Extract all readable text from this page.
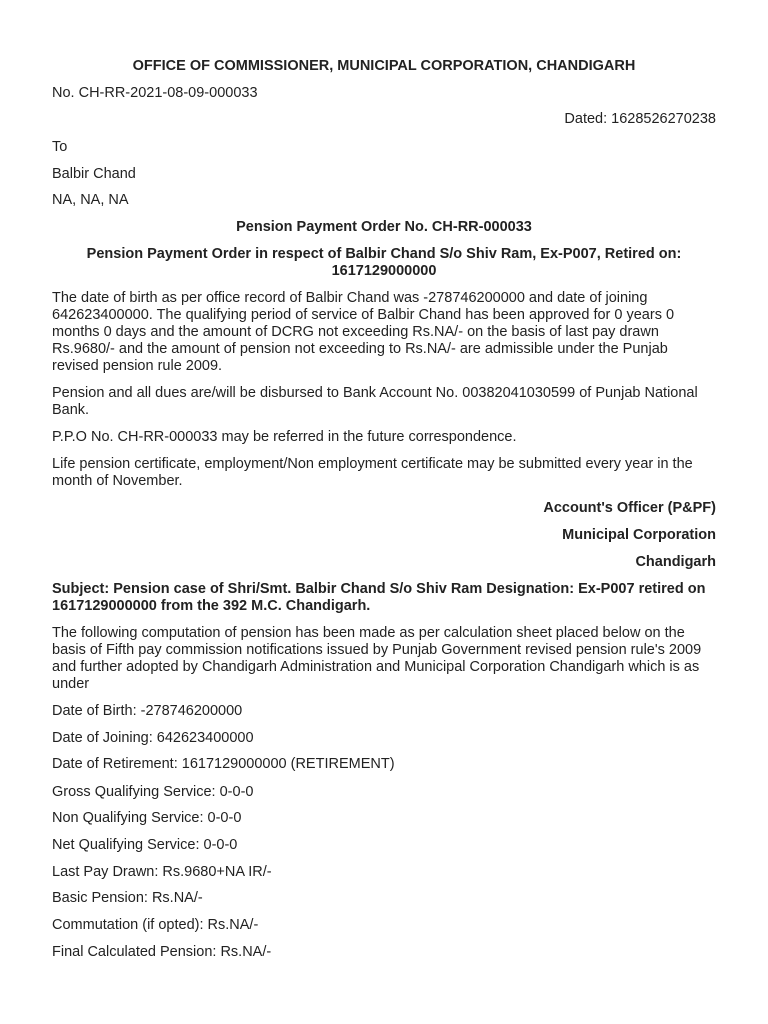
OFFICE OF COMMISSIONER, MUNICIPAL CORPORATION, CHANDIGARH

No. CH-RR-2021-08-09-000033

Dated: 1628526270238

To

Balbir Chand

NA, NA, NA

Pension Payment Order No. CH-RR-000033

Pension Payment Order in respect of Balbir Chand S/o Shiv Ram, Ex-P007, Retired on: 1617129000000

The date of birth as per office record of Balbir Chand was -278746200000 and date of joining 642623400000. The qualifying period of service of Balbir Chand has been approved for 0 years 0 months 0 days and the amount of DCRG not exceeding Rs.NA/- on the basis of last pay drawn Rs.9680/- and the amount of pension not exceeding to Rs.NA/- are admissible under the Punjab revised pension rule 2009.

Pension and all dues are/will be disbursed to Bank Account No. 00382041030599 of Punjab National Bank.

P.P.O No. CH-RR-000033 may be referred in the future correspondence.

Life pension certificate, employment/Non employment certificate may be submitted every year in the month of November.

Account's Officer (P&PF)

Municipal Corporation

Chandigarh

Subject: Pension case of Shri/Smt. Balbir Chand S/o Shiv Ram Designation: Ex-P007 retired on 1617129000000 from the 392 M.C. Chandigarh.

The following computation of pension has been made as per calculation sheet placed below on the basis of Fifth pay commission notifications issued by Punjab Government revised pension rule's 2009 and further adopted by Chandigarh Administration and Municipal Corporation Chandigarh which is as under

Date of Birth: -278746200000

Date of Joining: 642623400000

Date of Retirement: 1617129000000 (RETIREMENT)

Gross Qualifying Service: 0-0-0

Non Qualifying Service: 0-0-0

Net Qualifying Service: 0-0-0

Last Pay Drawn: Rs.9680+NA IR/-

Basic Pension: Rs.NA/-

Commutation (if opted): Rs.NA/-

Final Calculated Pension: Rs.NA/-
